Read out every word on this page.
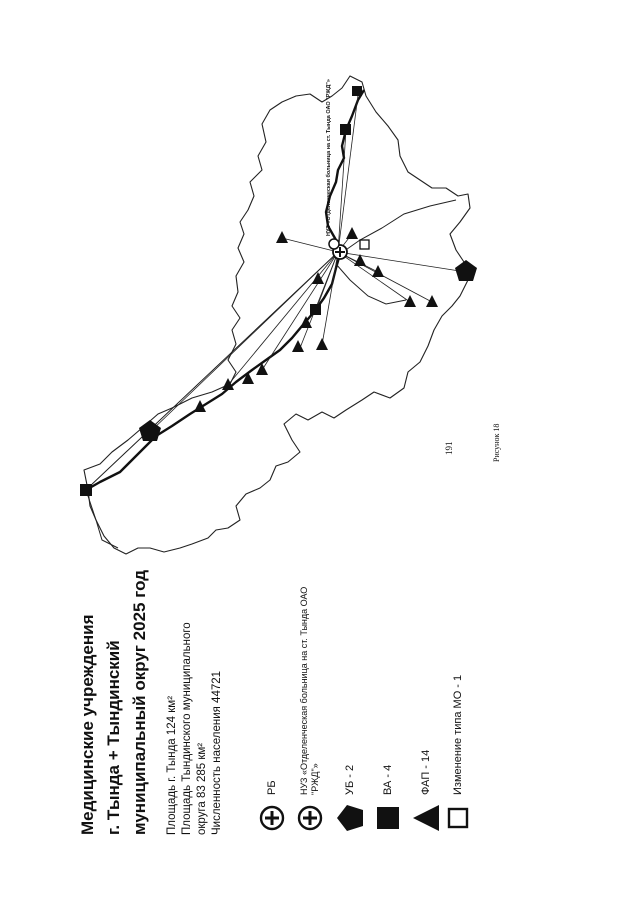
НУЗ «Отделенческая больница на ст. Тында ОАО "РЖД"»
Медицинские учреждения г. Тында + Тындинский муниципальный округ 2025 год	Площадь г. Тында 124 км² Площадь Тындинского муниципального округа 83 285 км² Численность населения 44721	РБ НУЗ «Отделенческая больница на ст. Тында ОАО "РЖД"» УБ - 2 ВА - 4 ФАП - 14 Изменение типа МО - 1
191	Рисунок 18
